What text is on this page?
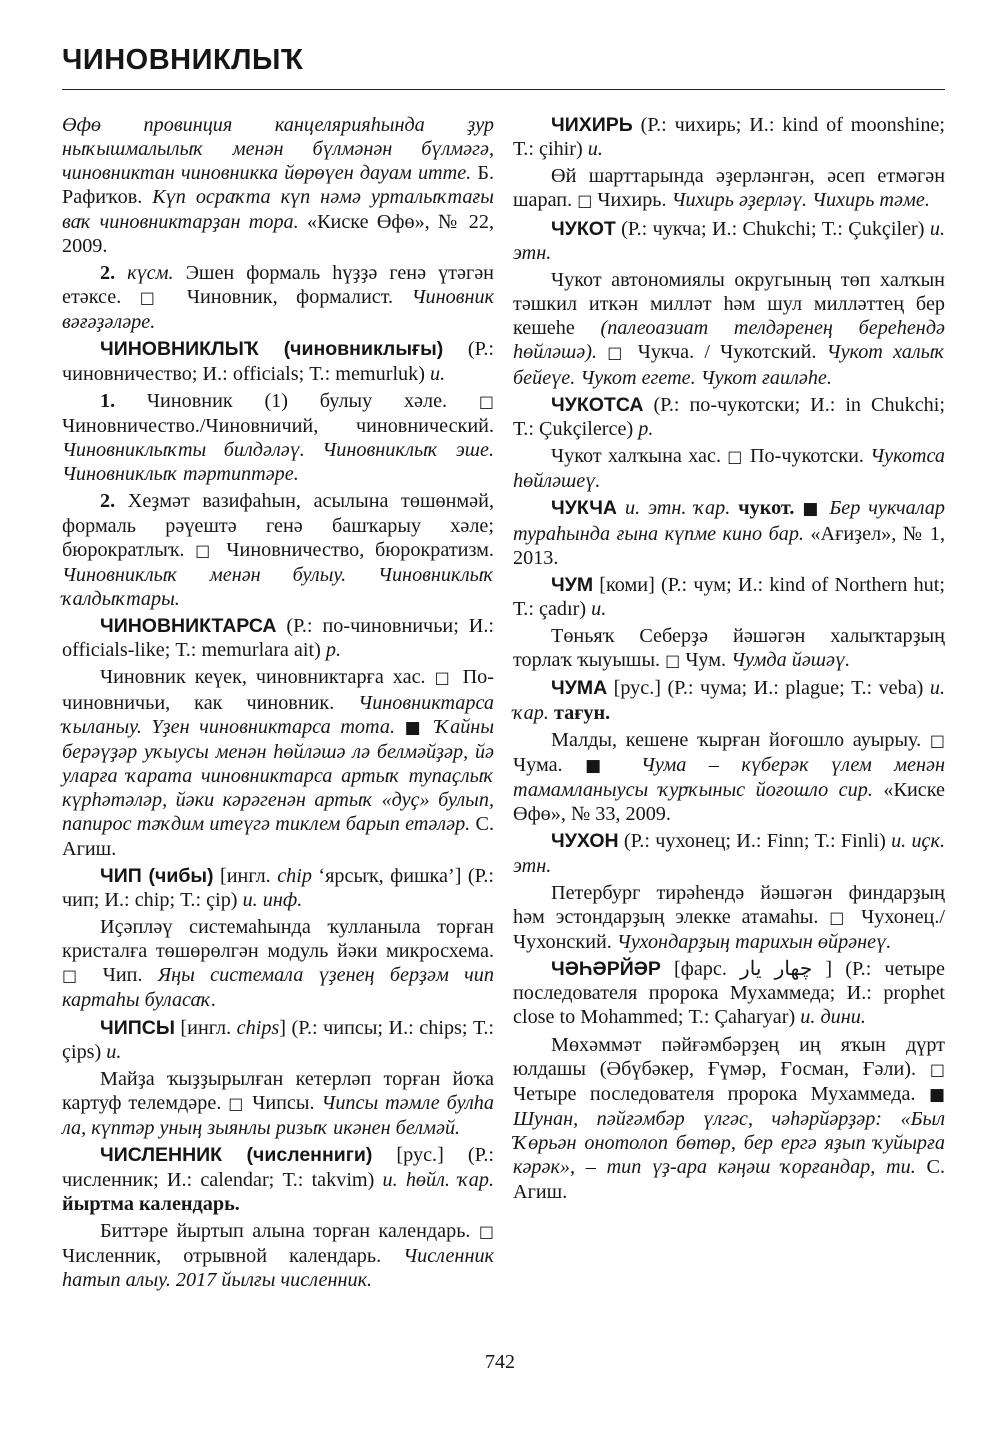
ЧИНОВНИКЛЫҠ

Өфө провинция канцелярияһында ҙур ныҡышмалылыҡ менән бүлмәнән бүлмәгә, чиновниктан чиновникка йөрөүен дауам итте. Б. Рафиҡов. Күп осраҡта күп нәмә урталыҡтағы ваҡ чиновниктарҙан тора. «Киске Өфө», № 22, 2009.

2. күсм. Эшен формаль һүҙҙә генә үтәгән етәксе. □ Чиновник, формалист. Чиновник вәғәҙәләре.

ЧИНОВНИКЛЫҠ (чиновниклығы) (Р.: чиновничество; И.: officials; Т.: memurluk) и.

1. Чиновник (1) булыу хәле. □ Чиновничество./Чиновничий, чиновнический. Чиновниклыҡты билдәләү. Чиновниклыҡ эше. Чиновниклыҡ тәртиптәре.

2. Хеҙмәт вазифаһын, асылына төшөнмәй, формаль рәүештә генә башҡарыу хәле; бюрократлыҡ. □ Чиновничество, бюрократизм. Чиновниклыҡ менән булыу. Чиновниклыҡ ҡалдыҡтары.

ЧИНОВНИКТАРСА (Р.: по-чиновничьи; И.: officials-like; Т.: memurlara ait) р.

Чиновник кеүек, чиновниктарға хас. □ По-чиновничьи, как чиновник. Чиновниктарса ҡыланыу. Үҙен чиновниктарса тота. ■ Ҡайны берәүҙәр уҡыусы менән һөйләшә лә белмәйҙәр, йә уларға ҡарата чиновниктарса артыҡ тупаҫлыҡ күрһәтәләр, йәки кәрәгенән артыҡ «дуҫ» булып, папирос тәҡдим итеүгә тиклем барып етәләр. С. Агиш.

ЧИП (чибы) [ингл. chip ‘ярсыҡ, фишка’] (Р.: чип; И.: chip; Т.: çip) и. инф.

Иҫәпләү системаһында ҡулланыла торған кристалға төшөрөлгән модуль йәки микросхема. □ Чип. Яңы системала үҙенең берҙәм чип картаһы буласаҡ.

ЧИПСЫ [ингл. chips] (Р.: чипсы; И.: chips; Т.: çips) и.

Майҙа ҡыҙҙырылған кетерләп торған йоҡа картуф телемдәре. □ Чипсы. Чипсы тәмле булһа ла, күптәр уның зыянлы ризыҡ икәнен белмәй.

ЧИСЛЕННИК (численниги) [рус.] (Р.: численник; И.: calendar; Т.: takvim) и. һөйл. ҡар. йыртма календарь.

Биттәре йыртып алына торған календарь. □ Численник, отрывной календарь. Численник һатып алыу. 2017 йылғы численник.

ЧИХИРЬ (Р.: чихирь; И.: kind of moonshine; Т.: çihir) и.

Өй шарттарында әҙерләнгән, әсеп етмәгән шарап. □ Чихирь. Чихирь әҙерләү. Чихирь тәме.

ЧУКОТ (Р.: чукча; И.: Chukchi; Т.: Çukçiler) и. этн.

Чукот автономиялы округының төп халҡын тәшкил иткән милләт һәм шул милләттең бер кешеһе (палеоазиат телдәренең береһендә һөйләшә). □ Чукча. / Чукотский. Чукот халыҡ бейеүе. Чукот егете. Чукот ғаиләһе.

ЧУКОТСА (Р.: по-чукотски; И.: in Chukchi; Т.: Çukçilerce) р.

Чукот халҡына хас. □ По-чукотски. Чукотса һөйләшеү.

ЧУКЧА и. этн. ҡар. чукот. ■ Бер чукчалар тураһында ғына күпме кино бар. «Ағиҙел», № 1, 2013.

ЧУМ [коми] (Р.: чум; И.: kind of Northern hut; Т.: çadır) и.

Төньяҡ Себерҙә йәшәгән халыҡтарҙың торлаҡ ҡыуышы. □ Чум. Чумда йәшәү.

ЧУМА [рус.] (Р.: чума; И.: plague; Т.: veba) и. ҡар. тағун.

Малды, кешене ҡырған йоғошло ауырыу. □ Чума. ■ Чума – күберәк үлем менән тамамланыусы ҡурҡыныс йоғошло сир. «Киске Өфө», № 33, 2009.

ЧУХОН (Р.: чухонец; И.: Finn; Т.: Finli) и. иҫк. этн.

Петербург тирәһендә йәшәгән финдарҙың һәм эстондарҙың элекке атамаһы. □ Чухонец./ Чухонский. Чухондарҙың тарихын өйрәнеү.

ЧӘҺӘРЙӘР [фарс. ‏چهار یار‏ ] (Р.: четыре последователя пророка Мухаммеда; И.: prophet close to Mohammed; Т.: Çaharyar) и. дини.

Мөхәммәт пәйғәмбәрҙең иң яҡын дүрт юлдашы (Әбүбәкер, Ғүмәр, Ғосман, Ғәли). □ Четыре последователя пророка Мухаммеда. ■ Шунан, пәйғәмбәр үлгәс, чәһәрйәрҙәр: «Был Ҡөрьән онотолоп бөтөр, бер ергә яҙып ҡуйырға кәрәк», – тип үҙ-ара кәңәш ҡорғандар, ти. С. Агиш.

742
